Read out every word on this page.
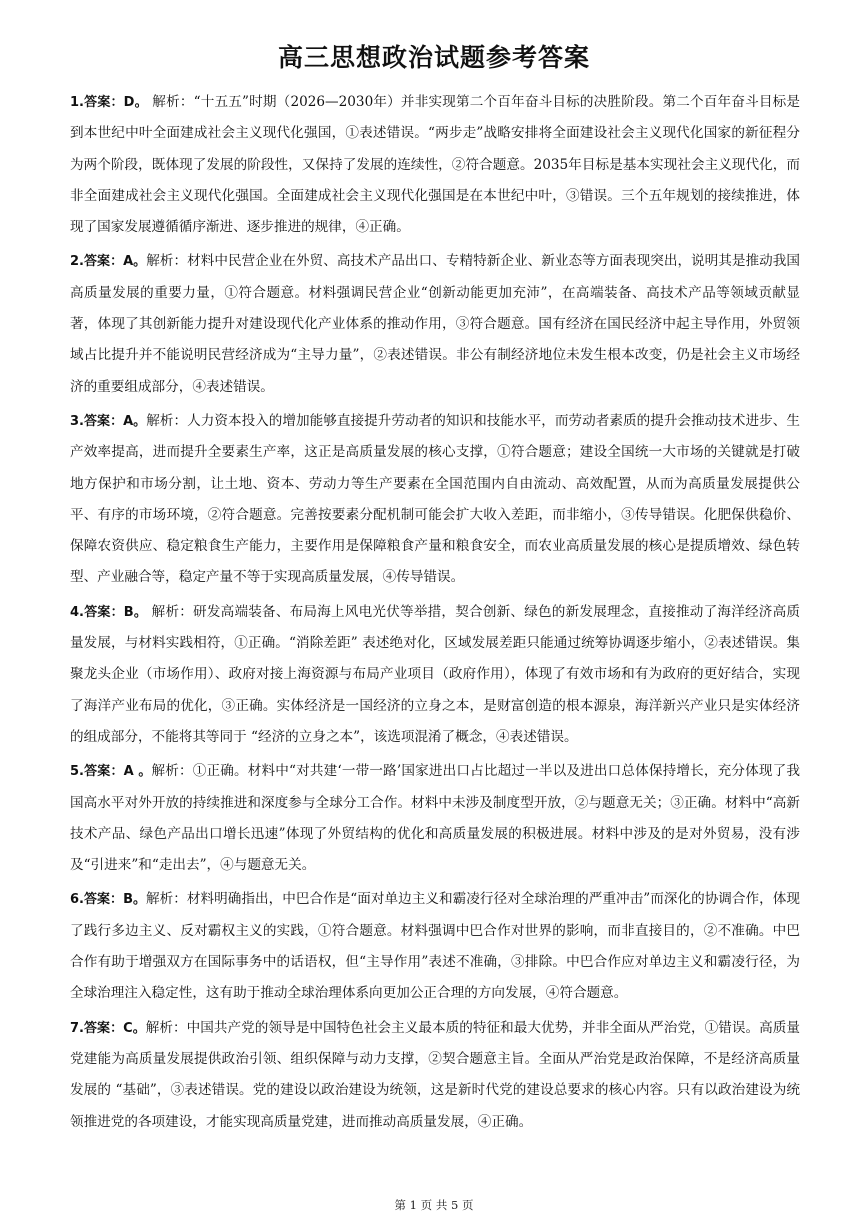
高三思想政治试题参考答案

1.答案：D。 解析：“十五五”时期（2026—2030年）并非实现第二个百年奋斗目标的决胜阶段。第二个百年奋斗目标是到本世纪中叶全面建成社会主义现代化强国，①表述错误。“两步走”战略安排将全面建设社会主义现代化国家的新征程分为两个阶段，既体现了发展的阶段性，又保持了发展的连续性，②符合题意。2035年目标是基本实现社会主义现代化，而非全面建成社会主义现代化强国。全面建成社会主义现代化强国是在本世纪中叶，③错误。三个五年规划的接续推进，体现了国家发展遵循循序渐进、逐步推进的规律，④正确。

2.答案：A。解析：材料中民营企业在外贸、高技术产品出口、专精特新企业、新业态等方面表现突出，说明其是推动我国高质量发展的重要力量，①符合题意。材料强调民营企业“创新动能更加充沛”，在高端装备、高技术产品等领域贡献显著，体现了其创新能力提升对建设现代化产业体系的推动作用，③符合题意。国有经济在国民经济中起主导作用，外贸领域占比提升并不能说明民营经济成为“主导力量”，②表述错误。非公有制经济地位未发生根本改变，仍是社会主义市场经济的重要组成部分，④表述错误。

3.答案：A。解析：人力资本投入的增加能够直接提升劳动者的知识和技能水平，而劳动者素质的提升会推动技术进步、生产效率提高，进而提升全要素生产率，这正是高质量发展的核心支撑，①符合题意；建设全国统一大市场的关键就是打破地方保护和市场分割，让土地、资本、劳动力等生产要素在全国范围内自由流动、高效配置，从而为高质量发展提供公平、有序的市场环境，②符合题意。完善按要素分配机制可能会扩大收入差距，而非缩小，③传导错误。化肥保供稳价、保障农资供应、稳定粮食生产能力，主要作用是保障粮食产量和粮食安全，而农业高质量发展的核心是提质增效、绿色转型、产业融合等，稳定产量不等于实现高质量发展，④传导错误。

4.答案：B。 解析：研发高端装备、布局海上风电光伏等举措，契合创新、绿色的新发展理念，直接推动了海洋经济高质量发展，与材料实践相符，①正确。“消除差距” 表述绝对化，区域发展差距只能通过统筹协调逐步缩小，②表述错误。集聚龙头企业（市场作用）、政府对接上海资源与布局产业项目（政府作用），体现了有效市场和有为政府的更好结合，实现了海洋产业布局的优化，③正确。实体经济是一国经济的立身之本，是财富创造的根本源泉，海洋新兴产业只是实体经济的组成部分，不能将其等同于 “经济的立身之本”，该选项混淆了概念，④表述错误。

5.答案：A 。解析：①正确。材料中“对共建‘一带一路’国家进出口占比超过一半以及进出口总体保持增长，充分体现了我国高水平对外开放的持续推进和深度参与全球分工合作。材料中未涉及制度型开放，②与题意无关；③正确。材料中“高新技术产品、绿色产品出口增长迅速”体现了外贸结构的优化和高质量发展的积极进展。材料中涉及的是对外贸易，没有涉及“引进来”和“走出去”，④与题意无关。

6.答案：B。解析：材料明确指出，中巴合作是“面对单边主义和霸凌行径对全球治理的严重冲击”而深化的协调合作，体现了践行多边主义、反对霸权主义的实践，①符合题意。材料强调中巴合作对世界的影响，而非直接目的，②不准确。中巴合作有助于增强双方在国际事务中的话语权，但“主导作用”表述不准确，③排除。中巴合作应对单边主义和霸凌行径，为全球治理注入稳定性，这有助于推动全球治理体系向更加公正合理的方向发展，④符合题意。

7.答案：C。解析：中国共产党的领导是中国特色社会主义最本质的特征和最大优势，并非全面从严治党，①错误。高质量党建能为高质量发展提供政治引领、组织保障与动力支撑，②契合题意主旨。全面从严治党是政治保障，不是经济高质量发展的 “基础”，③表述错误。党的建设以政治建设为统领，这是新时代党的建设总要求的核心内容。只有以政治建设为统领推进党的各项建设，才能实现高质量党建，进而推动高质量发展，④正确。

第 1 页 共 5 页
